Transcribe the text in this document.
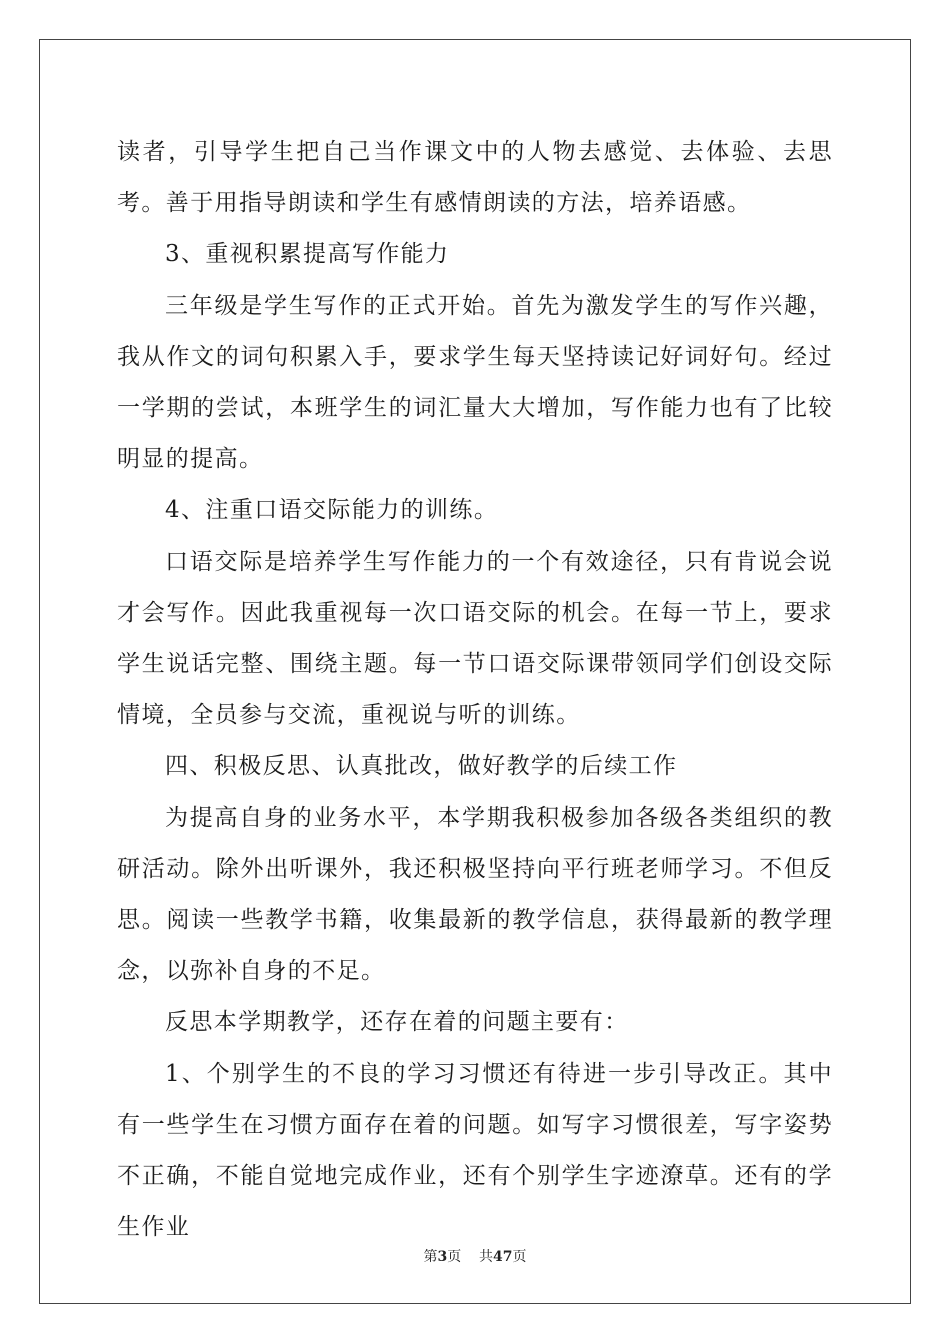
读者，引导学生把自己当作课文中的人物去感觉、去体验、去思考。善于用指导朗读和学生有感情朗读的方法，培养语感。

3、重视积累提高写作能力

三年级是学生写作的正式开始。首先为激发学生的写作兴趣，我从作文的词句积累入手，要求学生每天坚持读记好词好句。经过一学期的尝试，本班学生的词汇量大大增加，写作能力也有了比较明显的提高。

4、注重口语交际能力的训练。

口语交际是培养学生写作能力的一个有效途径，只有肯说会说才会写作。因此我重视每一次口语交际的机会。在每一节上，要求学生说话完整、围绕主题。每一节口语交际课带领同学们创设交际情境，全员参与交流，重视说与听的训练。

四、积极反思、认真批改，做好教学的后续工作

为提高自身的业务水平，本学期我积极参加各级各类组织的教研活动。除外出听课外，我还积极坚持向平行班老师学习。不但反思。阅读一些教学书籍，收集最新的教学信息，获得最新的教学理念，以弥补自身的不足。

反思本学期教学，还存在着的问题主要有：

1、个别学生的不良的学习习惯还有待进一步引导改正。其中有一些学生在习惯方面存在着的问题。如写字习惯很差，写字姿势不正确，不能自觉地完成作业，还有个别学生字迹潦草。还有的学生作业

第3页 共47页
